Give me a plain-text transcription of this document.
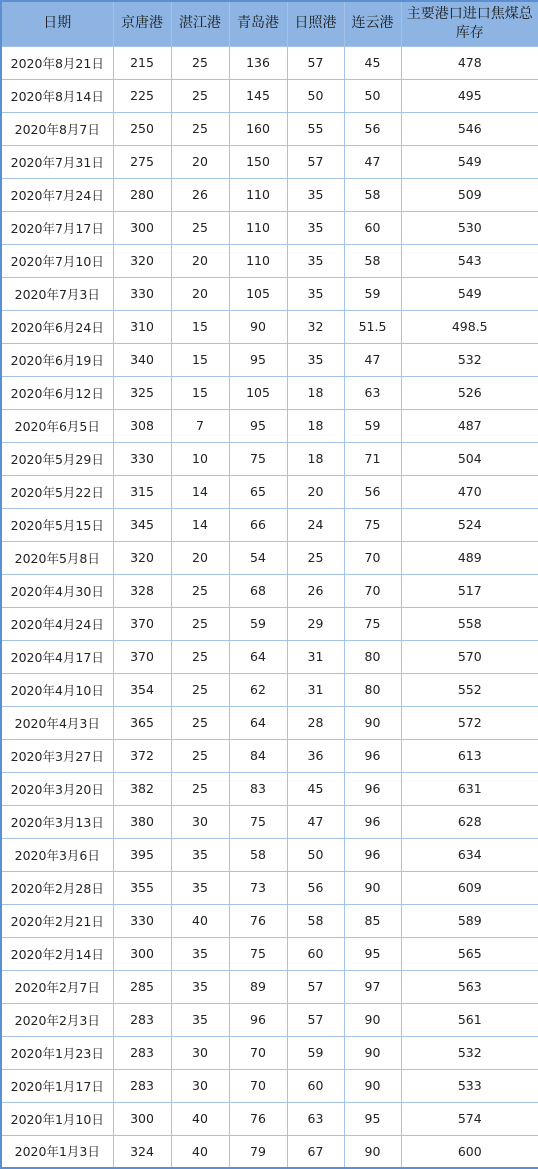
日期	京唐港	湛江港	青岛港	日照港	连云港	主要港口进口焦煤总库存
2020年8月21日	215	25	136	57	45	478
2020年8月14日	225	25	145	50	50	495
2020年8月7日	250	25	160	55	56	546
2020年7月31日	275	20	150	57	47	549
2020年7月24日	280	26	110	35	58	509
2020年7月17日	300	25	110	35	60	530
2020年7月10日	320	20	110	35	58	543
2020年7月3日	330	20	105	35	59	549
2020年6月24日	310	15	90	32	51.5	498.5
2020年6月19日	340	15	95	35	47	532
2020年6月12日	325	15	105	18	63	526
2020年6月5日	308	7	95	18	59	487
2020年5月29日	330	10	75	18	71	504
2020年5月22日	315	14	65	20	56	470
2020年5月15日	345	14	66	24	75	524
2020年5月8日	320	20	54	25	70	489
2020年4月30日	328	25	68	26	70	517
2020年4月24日	370	25	59	29	75	558
2020年4月17日	370	25	64	31	80	570
2020年4月10日	354	25	62	31	80	552
2020年4月3日	365	25	64	28	90	572
2020年3月27日	372	25	84	36	96	613
2020年3月20日	382	25	83	45	96	631
2020年3月13日	380	30	75	47	96	628
2020年3月6日	395	35	58	50	96	634
2020年2月28日	355	35	73	56	90	609
2020年2月21日	330	40	76	58	85	589
2020年2月14日	300	35	75	60	95	565
2020年2月7日	285	35	89	57	97	563
2020年2月3日	283	35	96	57	90	561
2020年1月23日	283	30	70	59	90	532
2020年1月17日	283	30	70	60	90	533
2020年1月10日	300	40	76	63	95	574
2020年1月3日	324	40	79	67	90	600
